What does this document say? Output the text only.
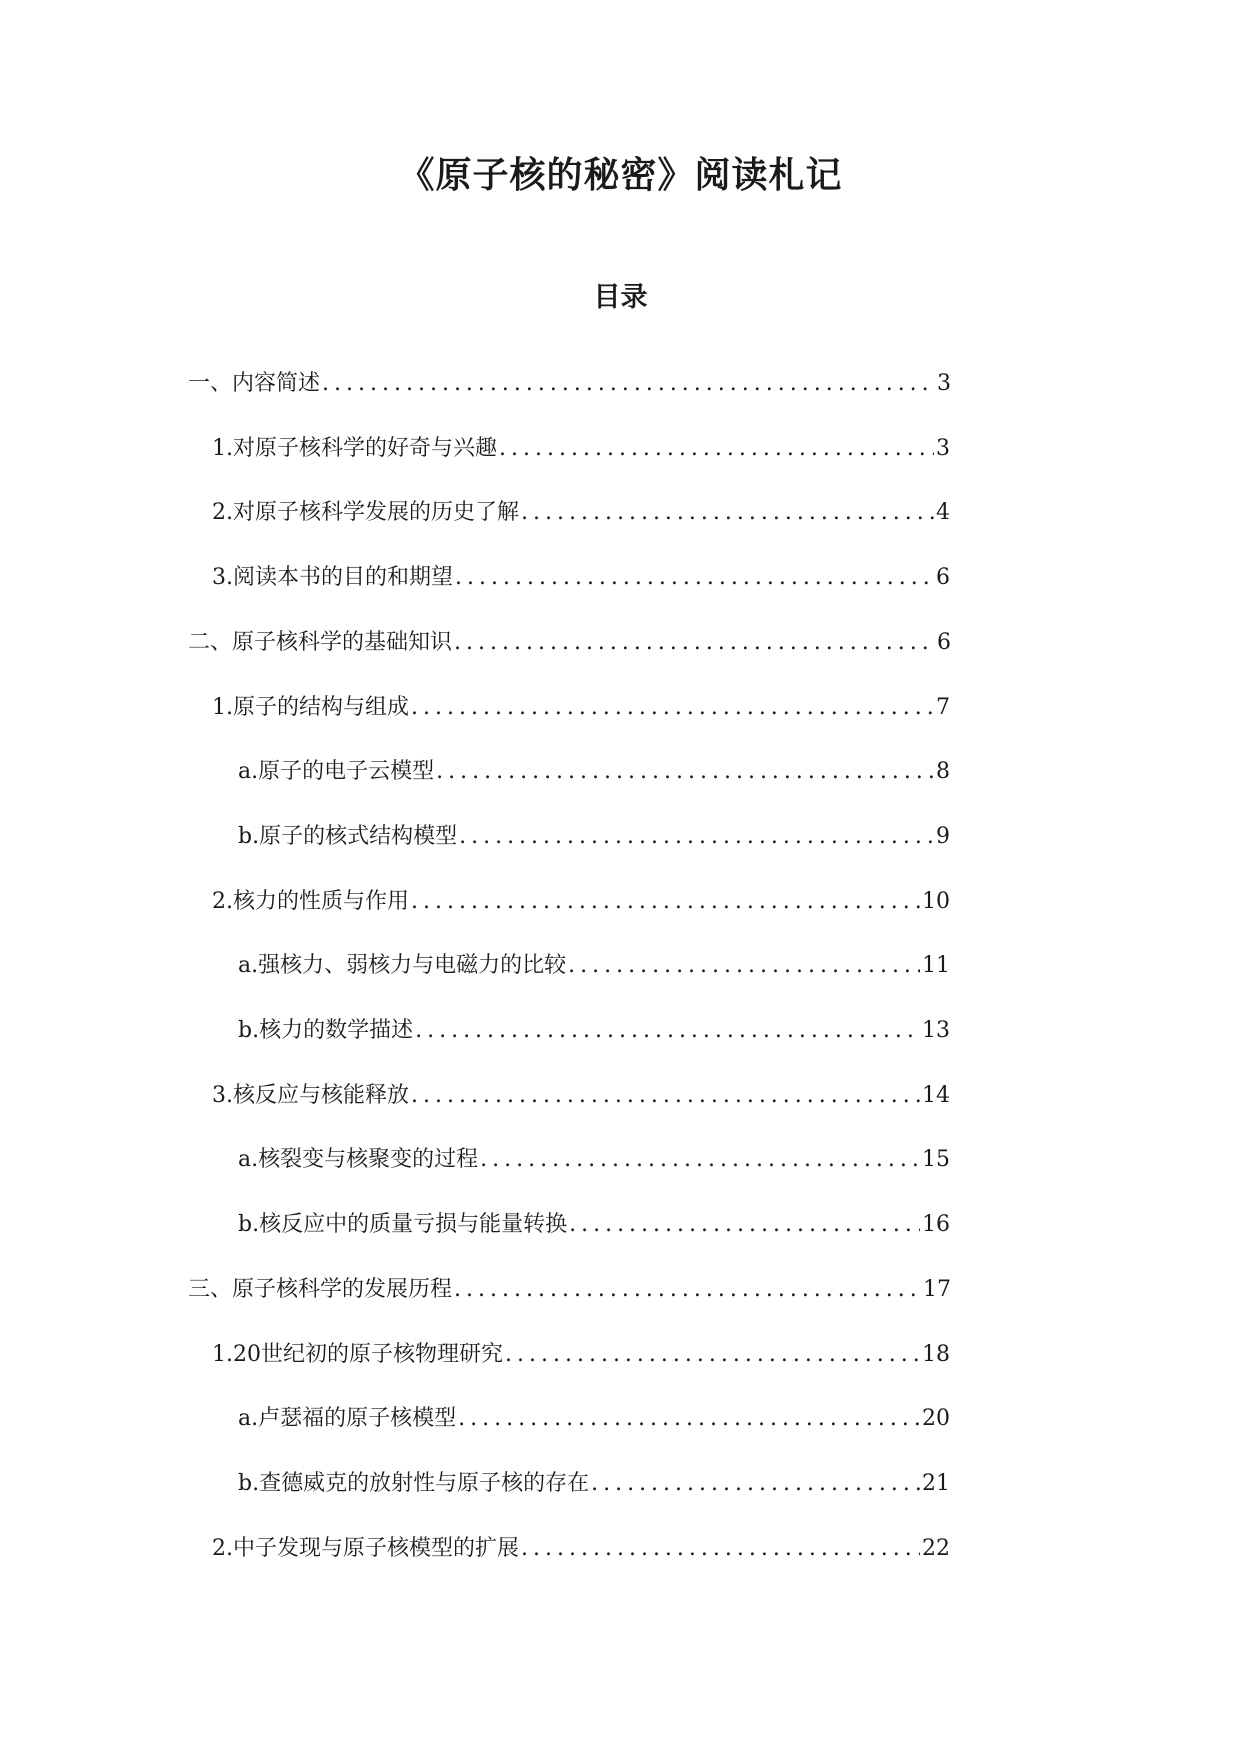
《原子核的秘密》阅读札记
目录
一、内容简述 .....	3
1. 对原子核科学的好奇与兴趣 .....	3
2. 对原子核科学发展的历史了解 .....	4
3. 阅读本书的目的和期望 .....	6
二、原子核科学的基础知识 .....	6
1. 原子的结构与组成 .....	7
a. 原子的电子云模型 .....	8
b. 原子的核式结构模型 .....	9
2. 核力的性质与作用 .....	10
a. 强核力、弱核力与电磁力的比较 .....	11
b. 核力的数学描述 .....	13
3. 核反应与核能释放 .....	14
a. 核裂变与核聚变的过程 .....	15
b. 核反应中的质量亏损与能量转换 .....	16
三、原子核科学的发展历程 .....	17
1. 20世纪初的原子核物理研究 .....	18
a. 卢瑟福的原子核模型 .....	20
b. 查德威克的放射性与原子核的存在 .....	21
2. 中子发现与原子核模型的扩展 .....	22
